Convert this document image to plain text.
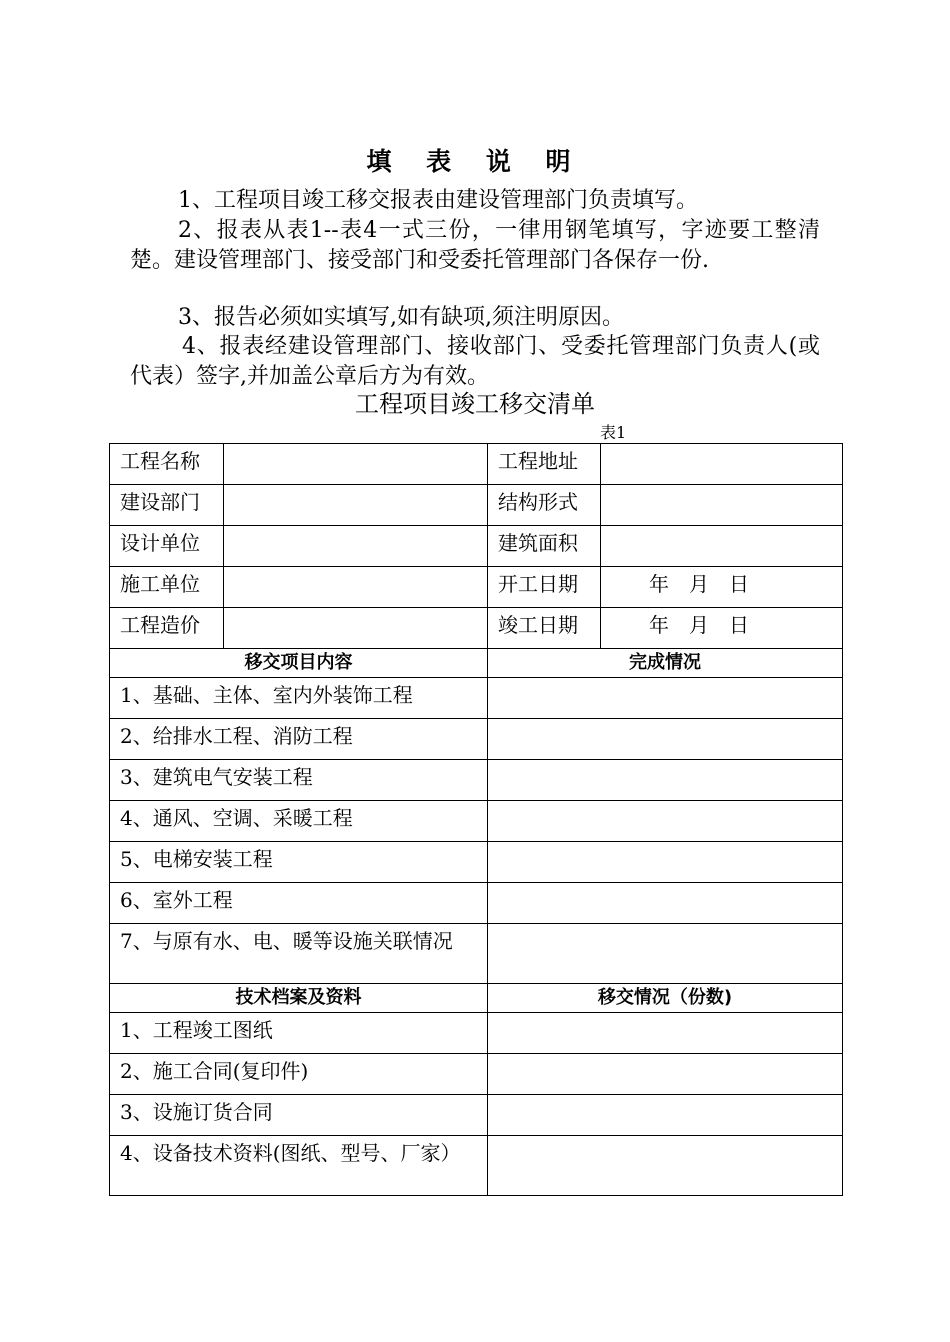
填 表 说 明
1、工程项目竣工移交报表由建设管理部门负责填写。
2、报表从表1--表4一式三份，一律用钢笔填写，字迹要工整清楚。建设管理部门、接受部门和受委托管理部门各保存一份.
3、报告必须如实填写,如有缺项,须注明原因。
4、报表经建设管理部门、接收部门、受委托管理部门负责人(或代表）签字,并加盖公章后方为有效。
工程项目竣工移交清单
表1
工程名称		工程地址	
建设部门		结构形式	
设计单位		建筑面积	
施工单位		开工日期	年　月　日
工程造价		竣工日期	年　月　日
移交项目内容		完成情况	
1、基础、主体、室内外装饰工程			
2、给排水工程、消防工程			
3、建筑电气安装工程			
4、通风、空调、采暖工程			
5、电梯安装工程			
6、室外工程			
7、与原有水、电、暖等设施关联情况			
技术档案及资料		移交情况（份数)	
1、工程竣工图纸			
2、施工合同(复印件)			
3、设施订货合同			
4、设备技术资料(图纸、型号、厂家）			
